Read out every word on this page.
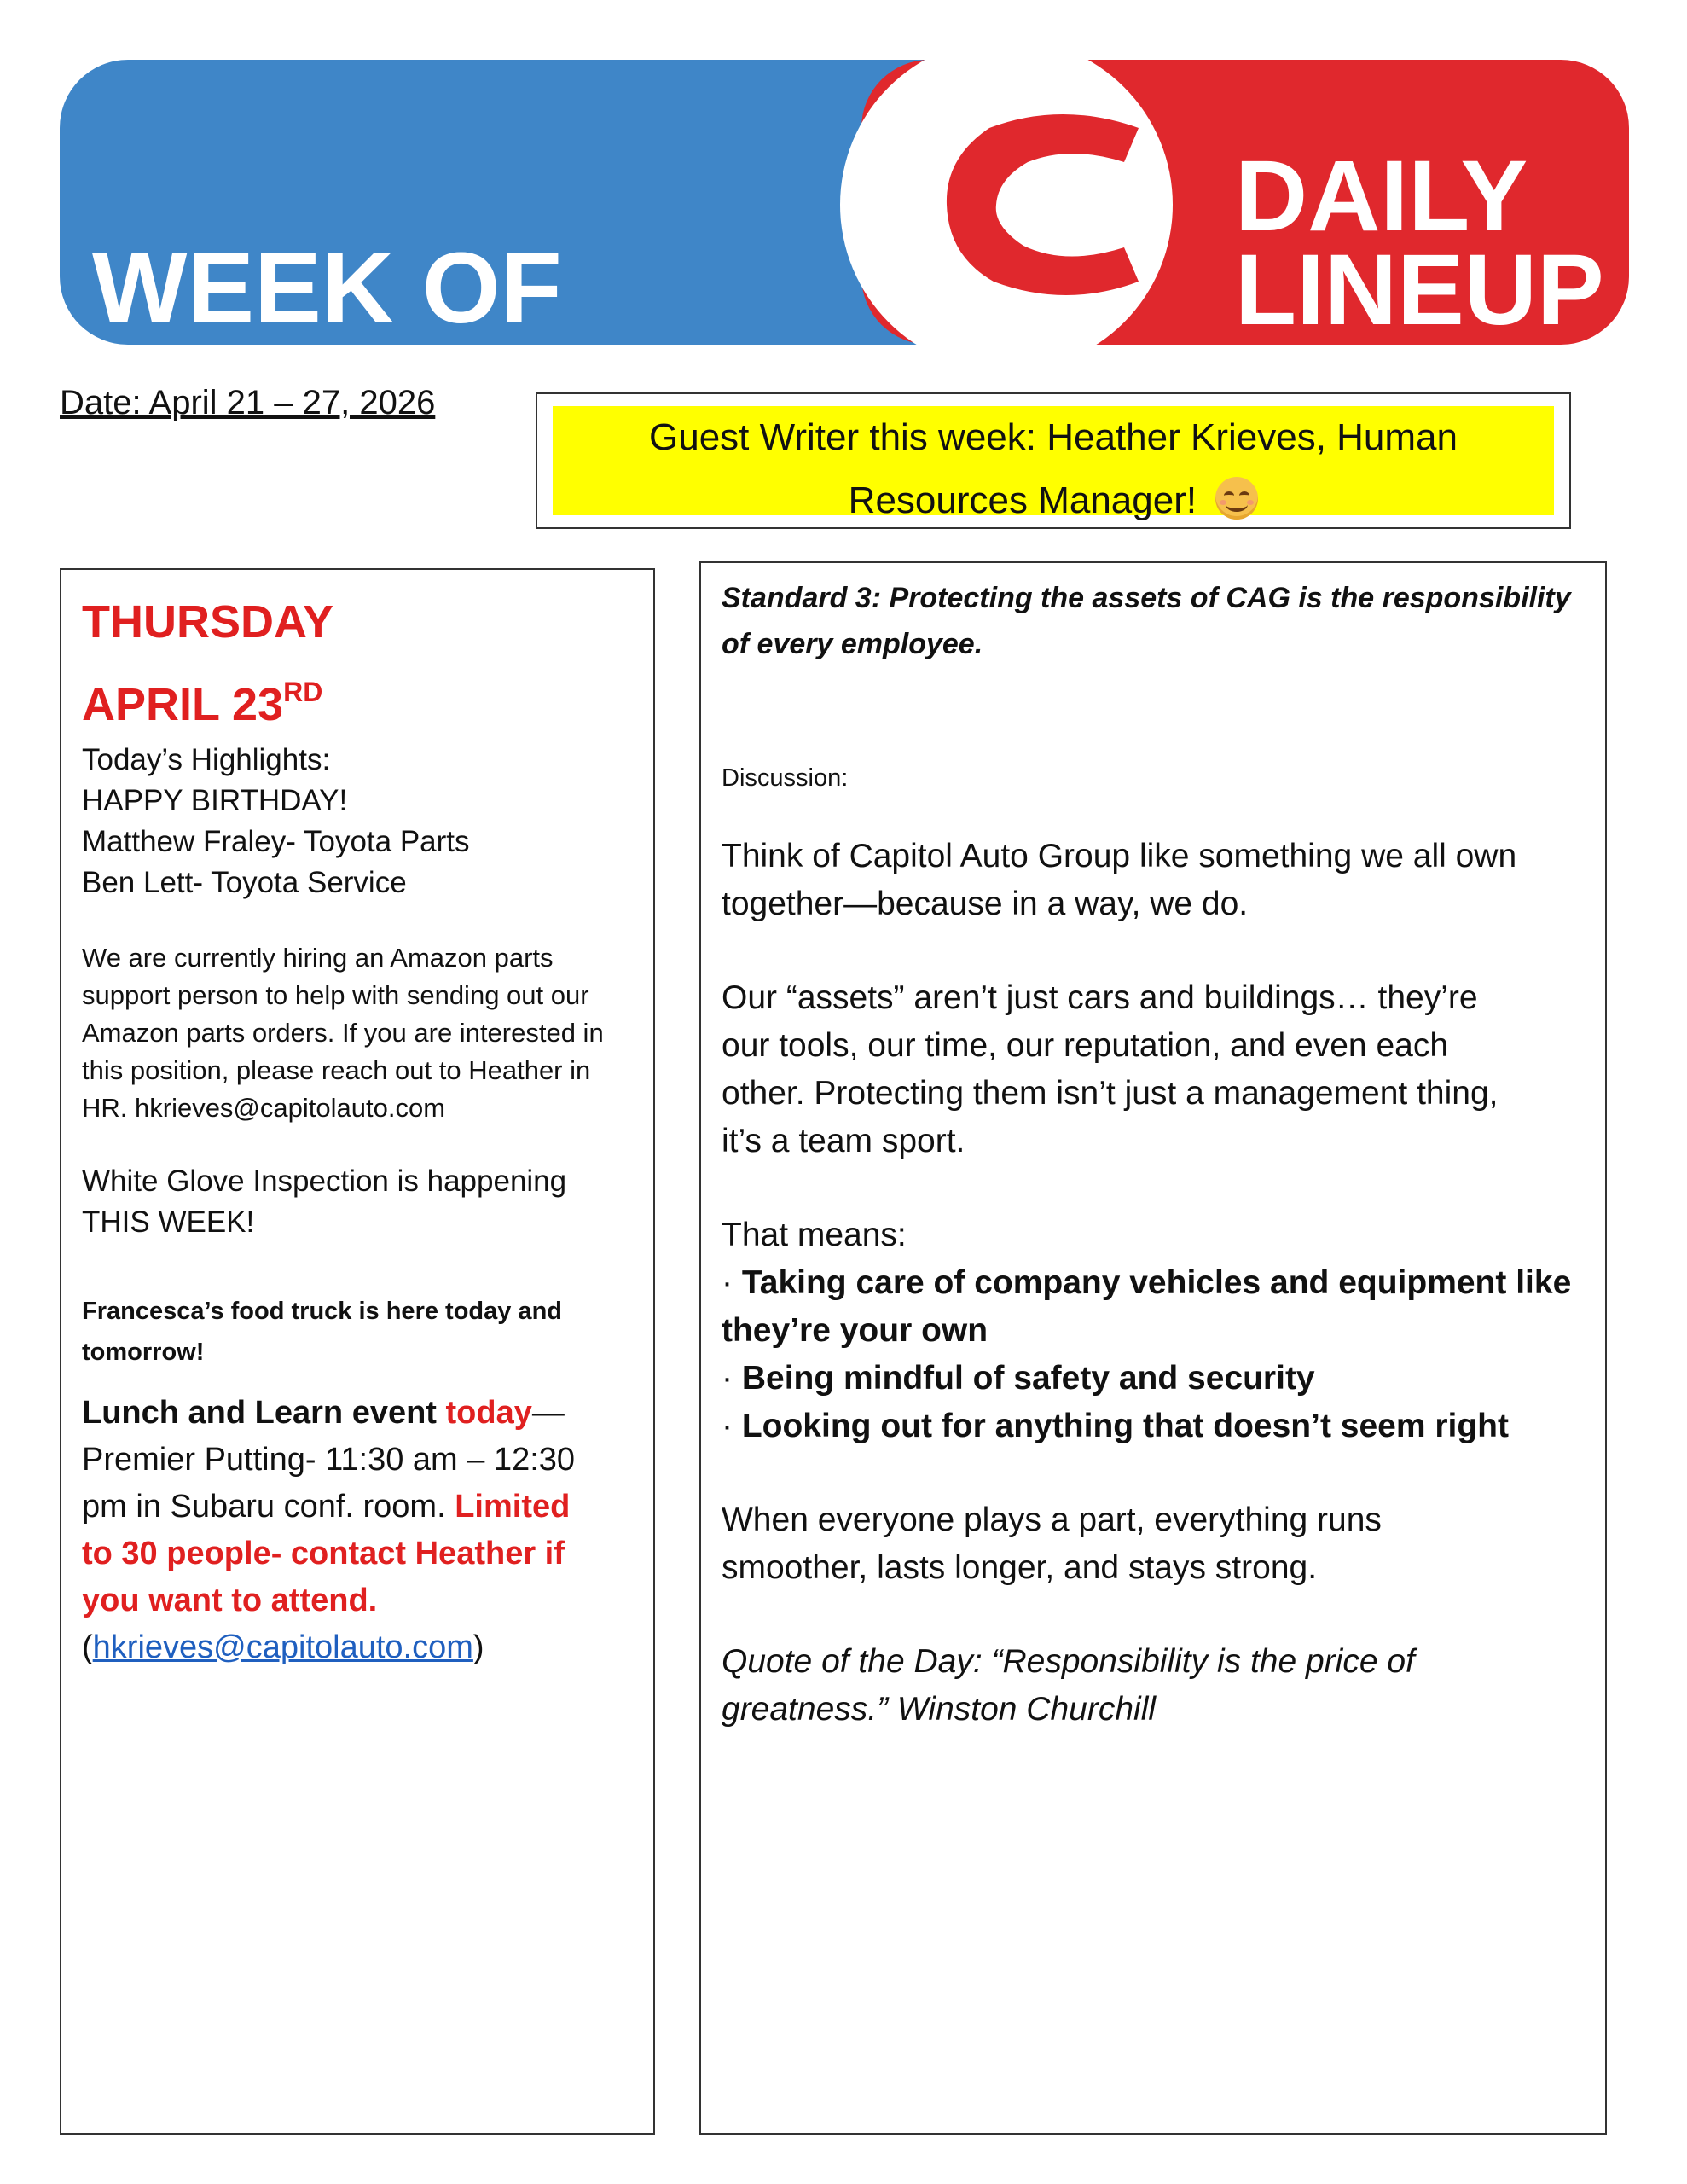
WEEK OF
DAILY
LINEUP
Date: April 21 – 27, 2026
Guest Writer this week: Heather Krieves, Human
Resources Manager!

THURSDAY

APRIL 23RD

Today’s Highlights:

HAPPY BIRTHDAY!

Matthew Fraley- Toyota Parts

Ben Lett- Toyota Service

We are currently hiring an Amazon parts

support person to help with sending out our

Amazon parts orders. If you are interested in

this position, please reach out to Heather in

HR. hkrieves@capitolauto.com

White Glove Inspection is happening

THIS WEEK!

Francesca’s food truck is here today and

tomorrow!

Lunch and Learn event today—

Premier Putting- 11:30 am – 12:30

pm in Subaru conf. room. Limited

to 30 people- contact Heather if

you want to attend.

(hkrieves@capitolauto.com)

Standard 3: Protecting the assets of CAG is the responsibility

of every employee.

Discussion:

Think of Capitol Auto Group like something we all own

together—because in a way, we do.

Our “assets” aren’t just cars and buildings… they’re

our tools, our time, our reputation, and even each

other. Protecting them isn’t just a management thing,

it’s a team sport.

That means:

· Taking care of company vehicles and equipment like

they’re your own

· Being mindful of safety and security

· Looking out for anything that doesn’t seem right

When everyone plays a part, everything runs

smoother, lasts longer, and stays strong.

Quote of the Day: “Responsibility is the price of

greatness.” Winston Churchill
